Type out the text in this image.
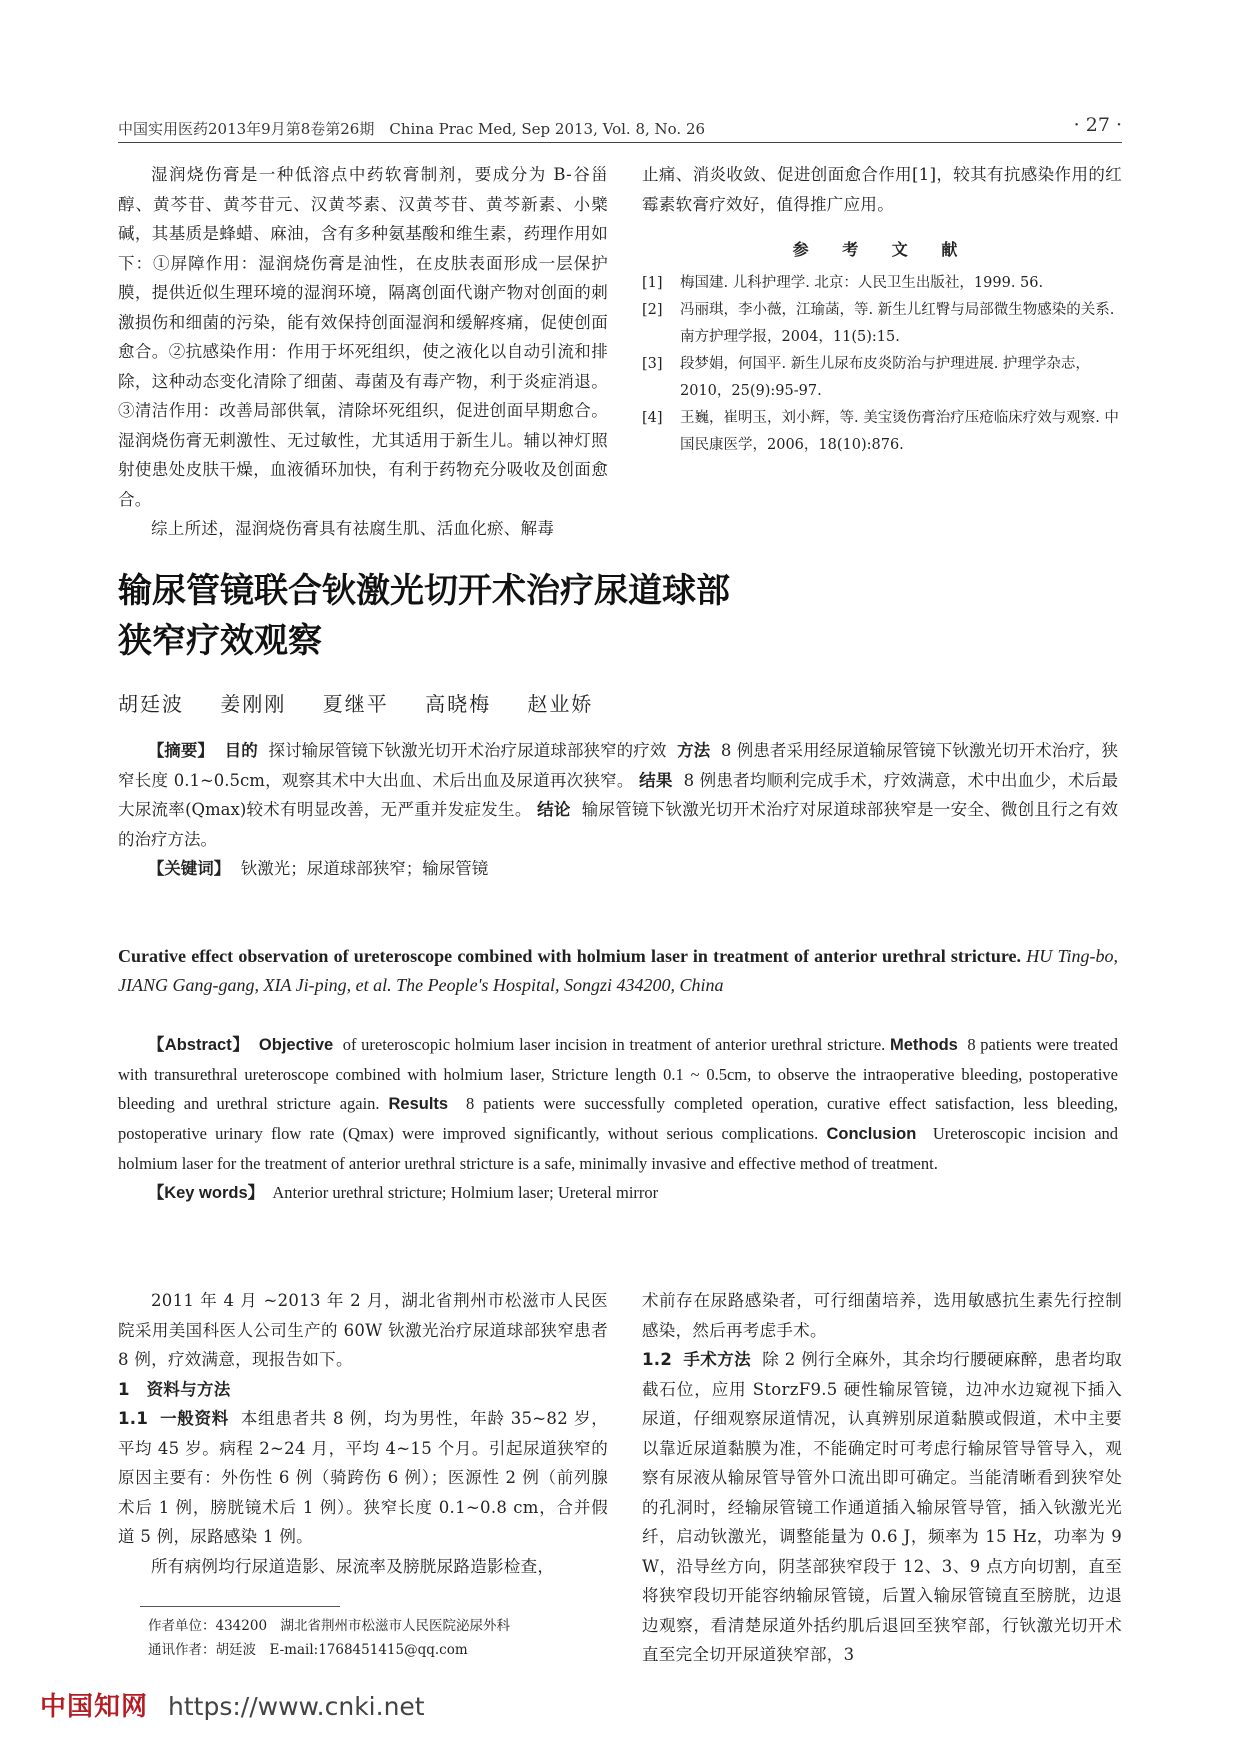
中国实用医药2013年9月第8卷第26期　China Prac Med, Sep 2013, Vol. 8, No. 26	· 27 ·

湿润烧伤膏是一种低溶点中药软膏制剂，要成分为 B-谷甾醇、黄芩苷、黄芩苷元、汉黄芩素、汉黄芩苷、黄芩新素、小檗碱，其基质是蜂蜡、麻油，含有多种氨基酸和维生素，药理作用如下：①屏障作用：湿润烧伤膏是油性，在皮肤表面形成一层保护膜，提供近似生理环境的湿润环境，隔离创面代谢产物对创面的刺激损伤和细菌的污染，能有效保持创面湿润和缓解疼痛，促使创面愈合。②抗感染作用：作用于坏死组织，使之液化以自动引流和排除，这种动态变化清除了细菌、毒菌及有毒产物，利于炎症消退。③清洁作用：改善局部供氧，清除坏死组织，促进创面早期愈合。湿润烧伤膏无刺激性、无过敏性，尤其适用于新生儿。辅以神灯照射使患处皮肤干燥，血液循环加快，有利于药物充分吸收及创面愈合。

综上所述，湿润烧伤膏具有祛腐生肌、活血化瘀、解毒

止痛、消炎收敛、促进创面愈合作用[1]，较其有抗感染作用的红霉素软膏疗效好，值得推广应用。

参 考 文 献
[1]	梅国建. 儿科护理学. 北京：人民卫生出版社，1999. 56.
[2]	冯丽琪，李小薇，江瑜菡，等. 新生儿红臀与局部微生物感染的关系. 南方护理学报，2004，11(5):15.
[3]	段梦娟，何国平. 新生儿尿布皮炎防治与护理进展. 护理学杂志，2010，25(9):95-97.
[4]	王巍，崔明玉，刘小辉，等. 美宝烫伤膏治疗压疮临床疗效与观察. 中国民康医学，2006，18(10):876.
输尿管镜联合钬激光切开术治疗尿道球部
狭窄疗效观察
胡廷波 姜刚刚 夏继平 高晓梅 赵业娇

【摘要】 目的 探讨输尿管镜下钬激光切开术治疗尿道球部狭窄的疗效 方法 8 例患者采用经尿道输尿管镜下钬激光切开术治疗，狭窄长度 0.1~0.5cm，观察其术中大出血、术后出血及尿道再次狭窄。 结果 8 例患者均顺利完成手术，疗效满意，术中出血少，术后最大尿流率(Qmax)较术有明显改善，无严重并发症发生。 结论 输尿管镜下钬激光切开术治疗对尿道球部狭窄是一安全、微创且行之有效的治疗方法。

【关键词】 钬激光；尿道球部狭窄；输尿管镜

Curative effect observation of ureteroscope combined with holmium laser in treatment of anterior urethral stricture. HU Ting-bo, JIANG Gang-gang, XIA Ji-ping, et al. The People's Hospital, Songzi 434200, China

【Abstract】 Objective of ureteroscopic holmium laser incision in treatment of anterior urethral stricture. Methods 8 patients were treated with transurethral ureteroscope combined with holmium laser, Stricture length 0.1 ~ 0.5cm, to observe the intraoperative bleeding, postoperative bleeding and urethral stricture again. Results 8 patients were successfully completed operation, curative effect satisfaction, less bleeding, postoperative urinary flow rate (Qmax) were improved significantly, without serious complications. Conclusion Ureteroscopic incision and holmium laser for the treatment of anterior urethral stricture is a safe, minimally invasive and effective method of treatment.

【Key words】 Anterior urethral stricture; Holmium laser; Ureteral mirror

2011 年 4 月 ~2013 年 2 月，湖北省荆州市松滋市人民医院采用美国科医人公司生产的 60W 钬激光治疗尿道球部狭窄患者 8 例，疗效满意，现报告如下。

1　资料与方法

1.1 一般资料 本组患者共 8 例，均为男性，年龄 35~82 岁，平均 45 岁。病程 2~24 月，平均 4~15 个月。引起尿道狭窄的原因主要有：外伤性 6 例（骑跨伤 6 例）；医源性 2 例（前列腺术后 1 例，膀胱镜术后 1 例）。狭窄长度 0.1~0.8 cm，合并假道 5 例，尿路感染 1 例。

所有病例均行尿道造影、尿流率及膀胱尿路造影检查，

术前存在尿路感染者，可行细菌培养，选用敏感抗生素先行控制感染，然后再考虑手术。

1.2 手术方法 除 2 例行全麻外，其余均行腰硬麻醉，患者均取截石位，应用 StorzF9.5 硬性输尿管镜，边冲水边窥视下插入尿道，仔细观察尿道情况，认真辨别尿道黏膜或假道，术中主要以靠近尿道黏膜为准，不能确定时可考虑行输尿管导管导入，观察有尿液从输尿管导管外口流出即可确定。当能清晰看到狭窄处的孔洞时，经输尿管镜工作通道插入输尿管导管，插入钬激光光纤，启动钬激光，调整能量为 0.6 J，频率为 15 Hz，功率为 9 W，沿导丝方向，阴茎部狭窄段于 12、3、9 点方向切割，直至将狭窄段切开能容纳输尿管镜，后置入输尿管镜直至膀胱，边退边观察，看清楚尿道外括约肌后退回至狭窄部，行钬激光切开术直至完全切开尿道狭窄部，3

作者单位：434200　湖北省荆州市松滋市人民医院泌尿外科
通讯作者：胡廷波　E-mail:1768451415@qq.com
中国知网 https://www.cnki.net
